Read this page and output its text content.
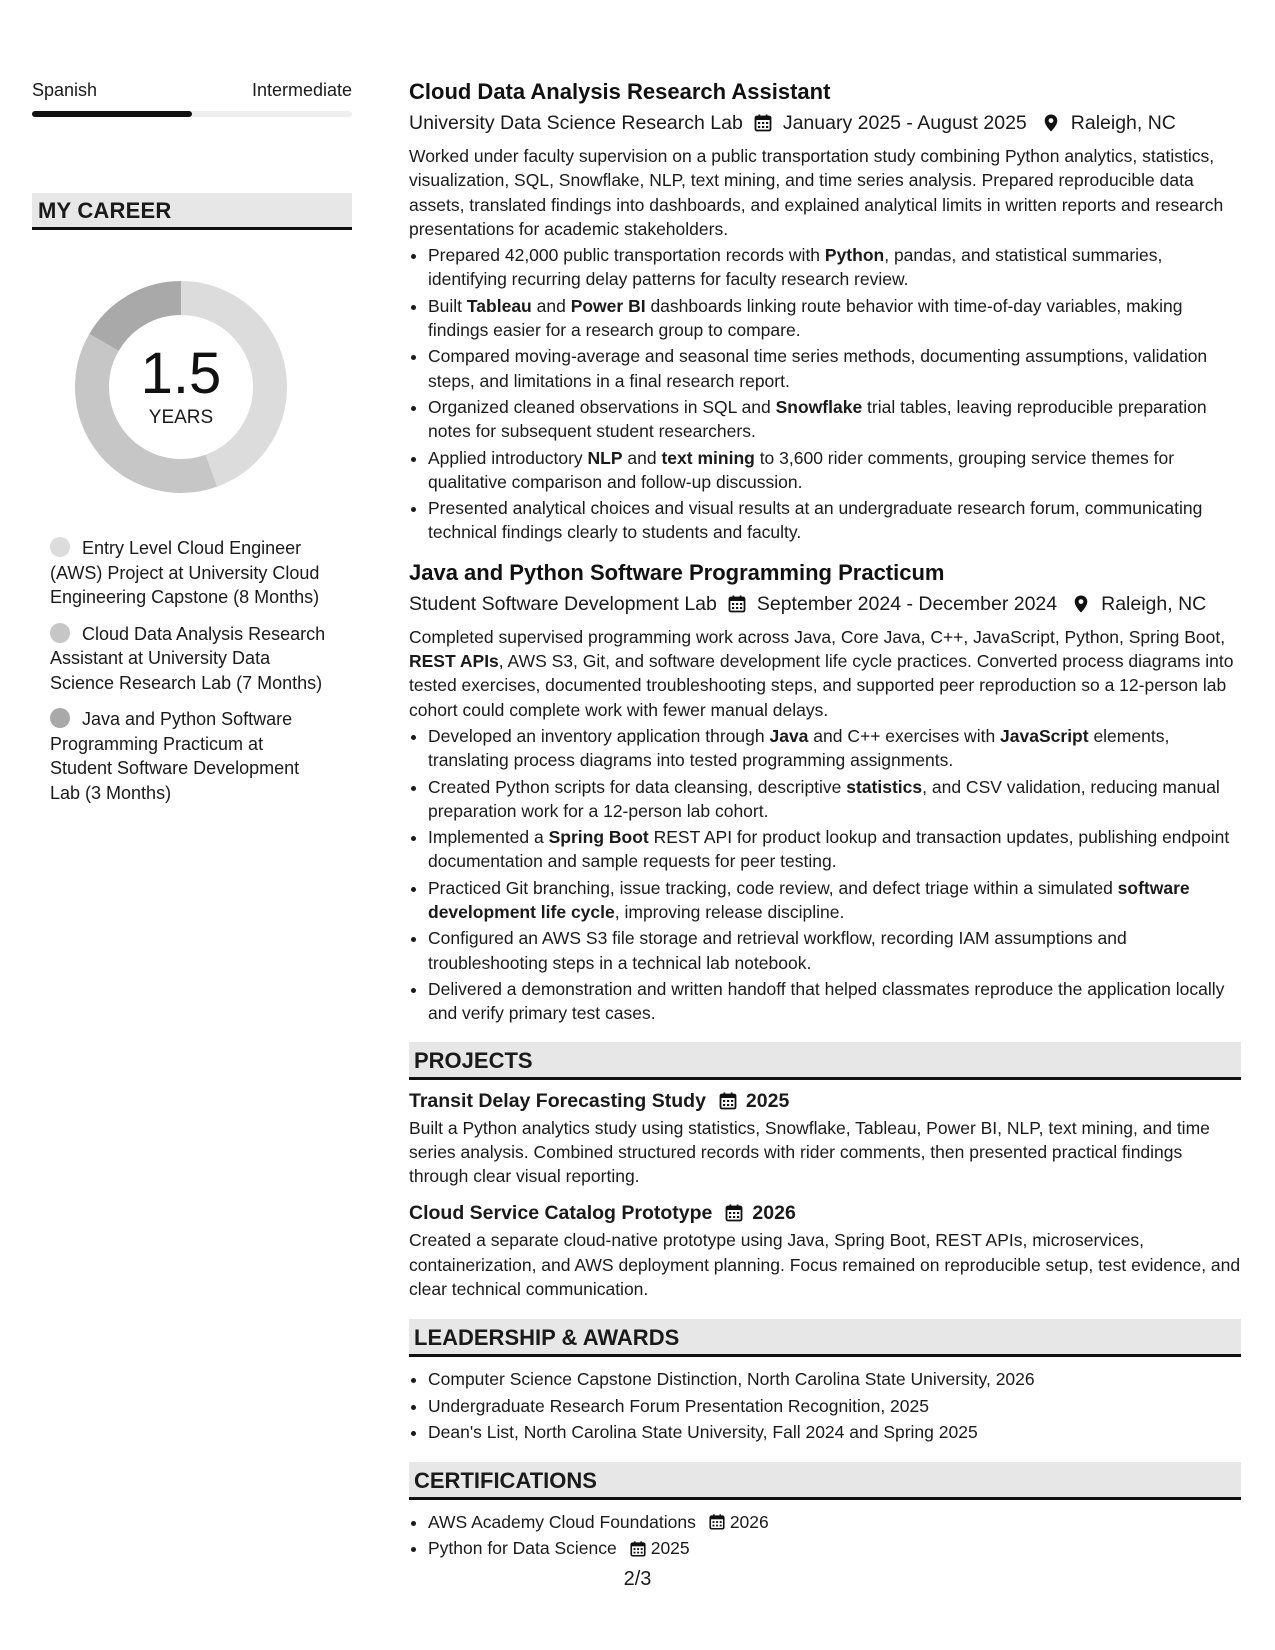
Spanish	Intermediate
MY CAREER
1.5
YEARS
Entry Level Cloud Engineer (AWS) Project at University Cloud Engineering Capstone (8 Months)
Cloud Data Analysis Research Assistant at University Data Science Research Lab (7 Months)
Java and Python Software Programming Practicum at Student Software Development Lab (3 Months)
Cloud Data Analysis Research Assistant
University Data Science Research Lab January 2025 - August 2025 Raleigh, NC
Worked under faculty supervision on a public transportation study combining Python analytics, statistics, visualization, SQL, Snowflake, NLP, text mining, and time series analysis. Prepared reproducible data assets, translated findings into dashboards, and explained analytical limits in written reports and research presentations for academic stakeholders.
• Prepared 42,000 public transportation records with Python, pandas, and statistical summaries, identifying recurring delay patterns for faculty research review.
• Built Tableau and Power BI dashboards linking route behavior with time-of-day variables, making findings easier for a research group to compare.
• Compared moving-average and seasonal time series methods, documenting assumptions, validation steps, and limitations in a final research report.
• Organized cleaned observations in SQL and Snowflake trial tables, leaving reproducible preparation notes for subsequent student researchers.
• Applied introductory NLP and text mining to 3,600 rider comments, grouping service themes for qualitative comparison and follow-up discussion.
• Presented analytical choices and visual results at an undergraduate research forum, communicating technical findings clearly to students and faculty.
Java and Python Software Programming Practicum
Student Software Development Lab September 2024 - December 2024 Raleigh, NC
Completed supervised programming work across Java, Core Java, C++, JavaScript, Python, Spring Boot, REST APIs, AWS S3, Git, and software development life cycle practices. Converted process diagrams into tested exercises, documented troubleshooting steps, and supported peer reproduction so a 12-person lab cohort could complete work with fewer manual delays.
• Developed an inventory application through Java and C++ exercises with JavaScript elements, translating process diagrams into tested programming assignments.
• Created Python scripts for data cleansing, descriptive statistics, and CSV validation, reducing manual preparation work for a 12-person lab cohort.
• Implemented a Spring Boot REST API for product lookup and transaction updates, publishing endpoint documentation and sample requests for peer testing.
• Practiced Git branching, issue tracking, code review, and defect triage within a simulated software development life cycle, improving release discipline.
• Configured an AWS S3 file storage and retrieval workflow, recording IAM assumptions and troubleshooting steps in a technical lab notebook.
• Delivered a demonstration and written handoff that helped classmates reproduce the application locally and verify primary test cases.
PROJECTS
Transit Delay Forecasting Study 2025
Built a Python analytics study using statistics, Snowflake, Tableau, Power BI, NLP, text mining, and time series analysis. Combined structured records with rider comments, then presented practical findings through clear visual reporting.
Cloud Service Catalog Prototype 2026
Created a separate cloud-native prototype using Java, Spring Boot, REST APIs, microservices, containerization, and AWS deployment planning. Focus remained on reproducible setup, test evidence, and clear technical communication.
LEADERSHIP & AWARDS
• Computer Science Capstone Distinction, North Carolina State University, 2026
• Undergraduate Research Forum Presentation Recognition, 2025
• Dean's List, North Carolina State University, Fall 2024 and Spring 2025
CERTIFICATIONS
• AWS Academy Cloud Foundations 2026
• Python for Data Science 2025
2/3
